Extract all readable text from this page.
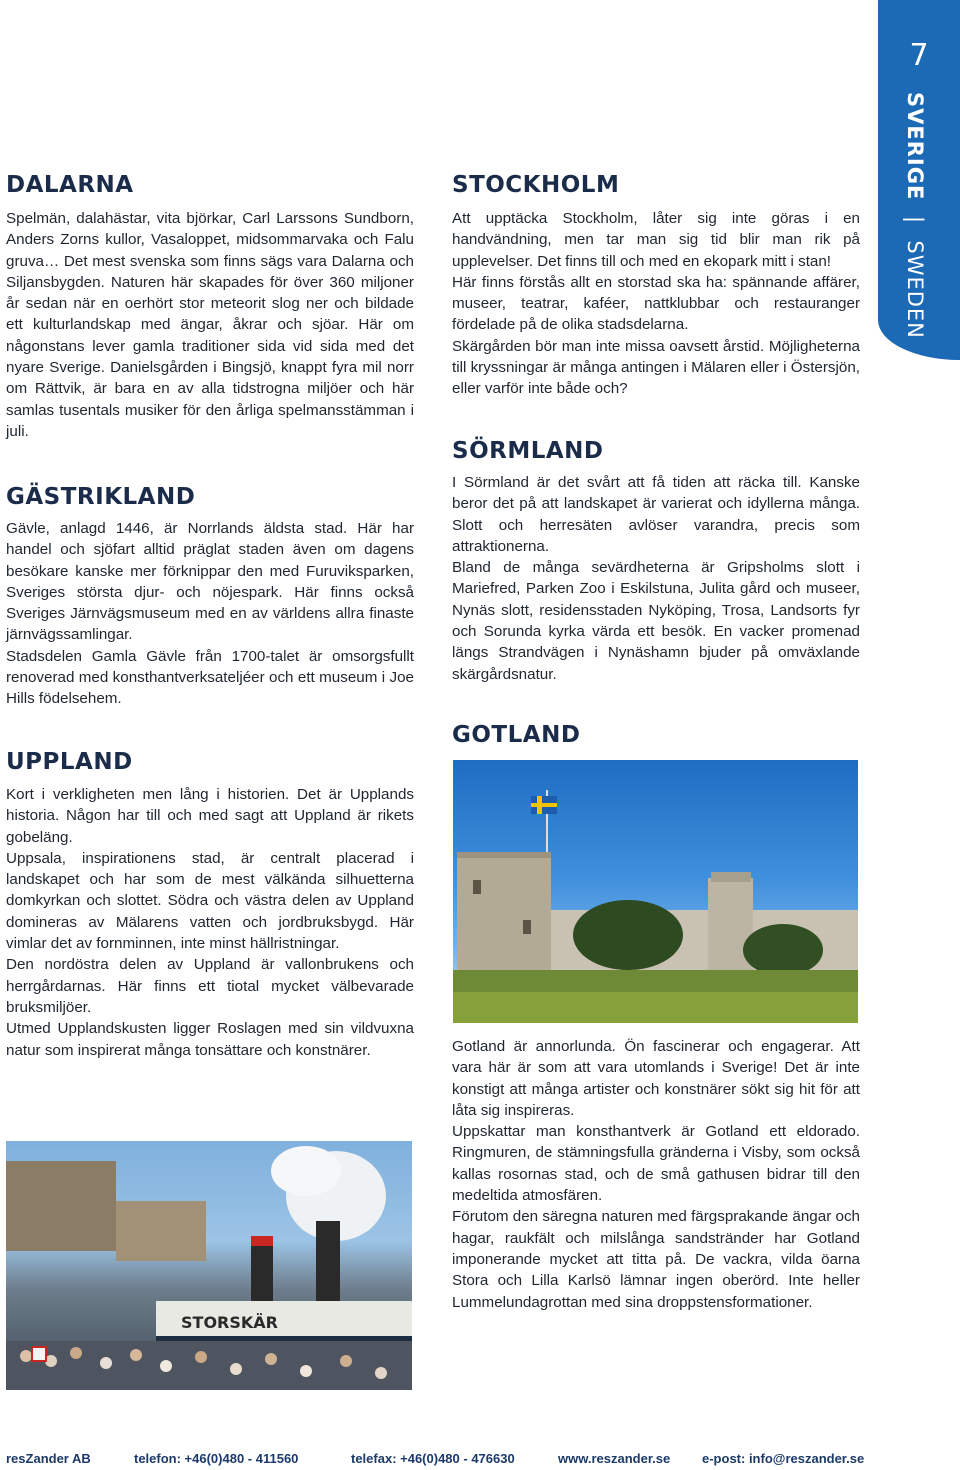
7
SVERIGE|SWEDEN
DALARNA

Spelmän, dalahästar, vita björkar, Carl Larssons Sundborn, Anders Zorns kullor, Vasaloppet, midsommarvaka och Falu gruva… Det mest svenska som finns sägs vara Dalarna och Siljansbygden. Naturen här skapades för över 360 miljoner år sedan när en oerhört stor meteorit slog ner och bildade ett kulturlandskap med ängar, åkrar och sjöar. Här om någonstans lever gamla traditioner sida vid sida med det nyare Sverige. Danielsgården i Bingsjö, knappt fyra mil norr om Rättvik, är bara en av alla tidstrogna miljöer och här samlas tusentals musiker för den årliga spelmansstämman i juli.

GÄSTRIKLAND

Gävle, anlagd 1446, är Norrlands äldsta stad. Här har handel och sjöfart alltid präglat staden även om dagens besökare kanske mer förknippar den med Furuviksparken, Sveriges största djur- och nöjespark. Här finns också Sveriges Järnvägsmuseum med en av världens allra finaste järnvägssamlingar.

Stadsdelen Gamla Gävle från 1700-talet är omsorgsfullt renoverad med konsthantverksateljéer och ett museum i Joe Hills födelsehem.

UPPLAND

Kort i verkligheten men lång i historien. Det är Upplands historia. Någon har till och med sagt att Uppland är rikets gobeläng.

Uppsala, inspirationens stad, är centralt placerad i landskapet och har som de mest välkända silhuetterna domkyrkan och slottet. Södra och västra delen av Uppland domineras av Mälarens vatten och jordbruksbygd. Här vimlar det av fornminnen, inte minst hällristningar.

Den nordöstra delen av Uppland är vallonbrukens och herrgårdarnas. Här finns ett tiotal mycket välbevarade bruksmiljöer.

Utmed Upplandskusten ligger Roslagen med sin vildvuxna natur som inspirerat många tonsättare och konstnärer.

STOCKHOLM

Att upptäcka Stockholm, låter sig inte göras i en handvändning, men tar man sig tid blir man rik på upplevelser. Det finns till och med en ekopark mitt i stan!

Här finns förstås allt en storstad ska ha: spännande affärer, museer, teatrar, kaféer, nattklubbar och restauranger fördelade på de olika stadsdelarna.

Skärgården bör man inte missa oavsett årstid. Möjligheterna till kryssningar är många antingen i Mälaren eller i Östersjön, eller varför inte både och?

SÖRMLAND

I Sörmland är det svårt att få tiden att räcka till. Kanske beror det på att landskapet är varierat och idyllerna många. Slott och herresäten avlöser varandra, precis som attraktionerna.

Bland de många sevärdheterna är Gripsholms slott i Mariefred, Parken Zoo i Eskilstuna, Julita gård och museer, Nynäs slott, residensstaden Nyköping, Trosa, Landsorts fyr och Sorunda kyrka värda ett besök. En vacker promenad längs Strandvägen i Nynäshamn bjuder på omväxlande skärgårdsnatur.

GOTLAND

Gotland är annorlunda. Ön fascinerar och engagerar. Att vara här är som att vara utomlands i Sverige! Det är inte konstigt att många artister och konstnärer sökt sig hit för att låta sig inspireras.

Uppskattar man konsthantverk är Gotland ett eldorado. Ringmuren, de stämningsfulla gränderna i Visby, som också kallas rosornas stad, och de små gathusen bidrar till den medeltida atmosfären.

Förutom den säregna naturen med färgsprakande ängar och hagar, raukfält och milslånga sandstränder har Gotland imponerande mycket att titta på. De vackra, vilda öarna Stora och Lilla Karlsö lämnar ingen oberörd. Inte heller Lummelundagrottan med sina droppstensformationer.

STORSKÄR
resZander AB	telefon: +46(0)480 - 411560	telefax: +46(0)480 - 476630	www.reszander.se e-post: info@reszander.se
